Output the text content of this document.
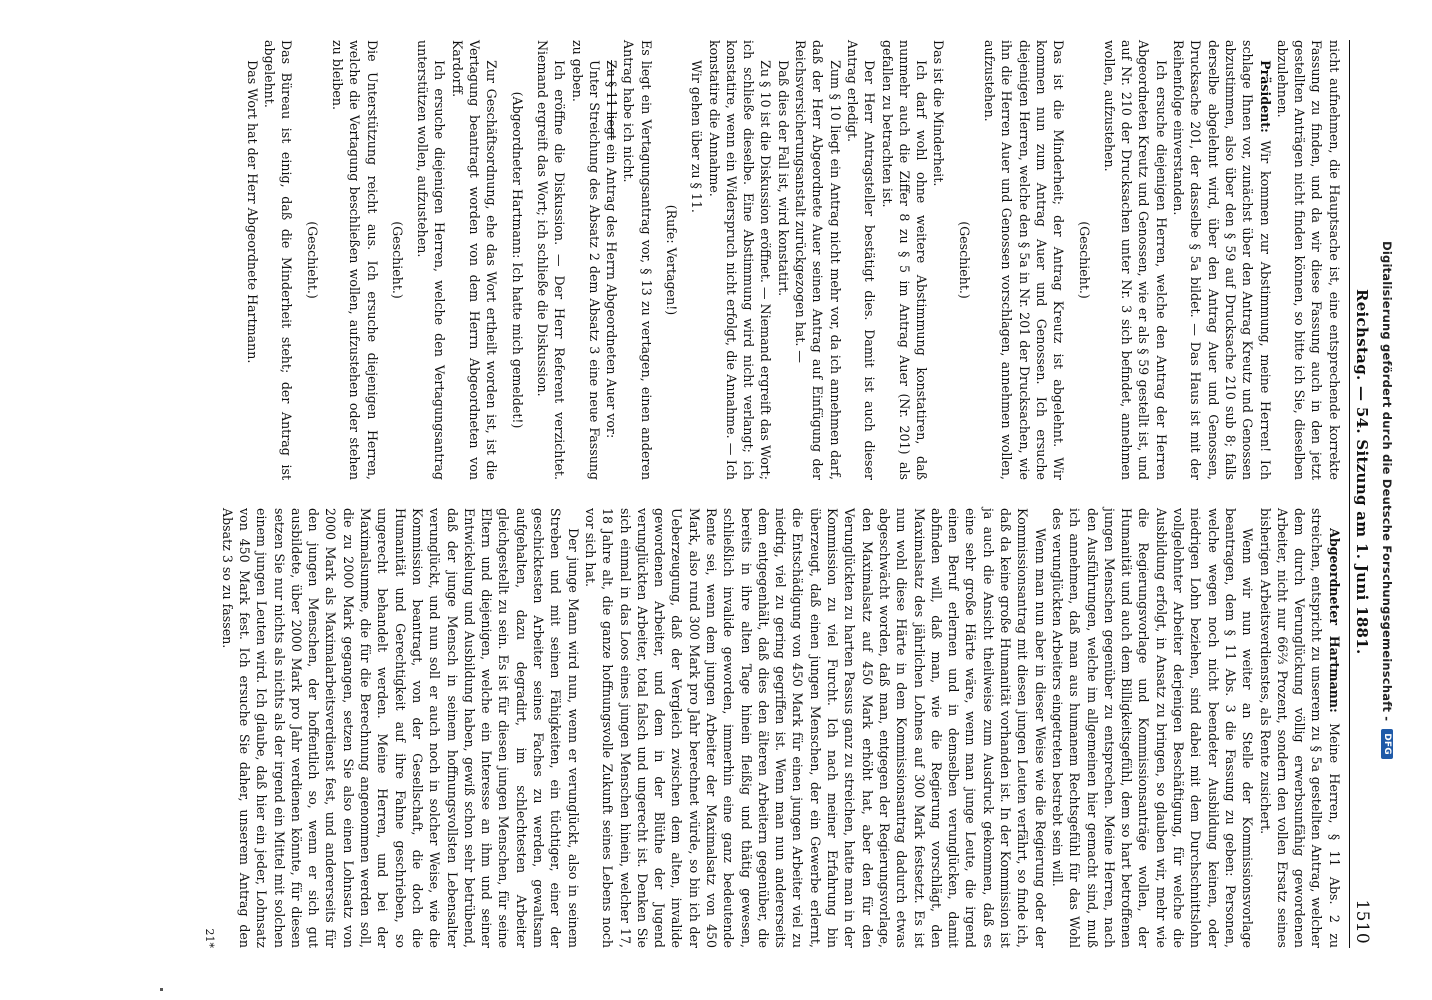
Reichstag. — 54. Sitzung am 1. Juni 1881.
1510

nicht aufnehmen, die Hauptsache ist, eine entsprechende korrekte Fassung zu finden, und da wir diese Fassung auch in den jetzt gestellten Anträgen nicht finden können, so bitte ich Sie, dieselben abzulehnen.

Präsident: Wir kommen zur Abstimmung, meine Herren! Ich schlage Ihnen vor, zunächst über den Antrag Kreutz und Genossen abzustimmen, also über den § 59 auf Drucksache 210 sub 8; falls derselbe abgelehnt wird, über den Antrag Auer und Genossen, Drucksache 201, der dasselbe § 5a bildet. — Das Haus ist mit der Reihenfolge einverstanden.

Ich ersuche diejenigen Herren, welche den Antrag der Herren Abgeordneten Kreutz und Genossen, wie er als § 59 gestellt ist, und auf Nr. 210 der Drucksachen unter Nr. 3 sich befindet, annehmen wollen, aufzustehen.

(Geschieht.)

Das ist die Minderheit; der Antrag Kreutz ist abgelehnt. Wir kommen nun zum Antrag Auer und Genossen. Ich ersuche diejenigen Herren, welche den § 5a in Nr. 201 der Drucksachen, wie ihn die Herren Auer und Genossen vorschlagen, annehmen wollen, aufzustehen.

(Geschieht.)

Das ist die Minderheit.

Ich darf wohl ohne weitere Abstimmung konstatiren, daß nunmehr auch die Ziffer 8 zu § 5 im Antrag Auer (Nr. 201) als gefallen zu betrachten ist.

Der Herr Antragsteller bestätigt dies. Damit ist auch dieser Antrag erledigt.

Zum § 10 liegt ein Antrag nicht mehr vor, da ich annehmen darf, daß der Herr Abgeordnete Auer seinen Antrag auf Einfügung der Reichsversicherungsanstalt zurückgezogen hat. —

Daß dies der Fall ist, wird konstatirt.

Zu § 10 ist die Diskussion eröffnet. — Niemand ergreift das Wort; ich schließe dieselbe. Eine Abstimmung wird nicht verlangt; ich konstatire, wenn ein Widerspruch nicht erfolgt, die Annahme. — Ich konstatire die Annahme.

Wir gehen über zu § 11.

(Rufe: Vertagen!)

Es liegt ein Vertagungsantrag vor, § 13 zu vertagen, einen anderen Antrag habe ich nicht.

Zu § 11 liegt ein Antrag des Herrn Abgeordneten Auer vor:

Unter Streichung des Absatz 2 dem Absatz 3 eine neue Fassung zu geben.

Ich eröffne die Diskussion. — Der Herr Referent verzichtet. Niemand ergreift das Wort; ich schließe die Diskussion.

(Abgeordneter Hartmann: Ich hatte mich gemeldet!)

Zur Geschäftsordnung, ehe das Wort ertheilt worden ist, ist die Vertagung beantragt worden von dem Herrn Abgeordneten von Kardorff.

Ich ersuche diejenigen Herren, welche den Vertagungsantrag unterstützen wollen, aufzustehen.

(Geschieht.)

Die Unterstützung reicht aus. Ich ersuche diejenigen Herren, welche die Vertagung beschließen wollen, aufzustehen oder stehen zu bleiben.

(Geschieht.)

Das Büreau ist einig, daß die Minderheit steht; der Antrag ist abgelehnt.

Das Wort hat der Herr Abgeordnete Hartmann.

Abgeordneter Hartmann: Meine Herren, § 11 Abs. 2 zu streichen, entspricht zu unserem zu § 5a gestellten Antrag, welcher dem durch Verunglückung völlig erwerbsunfähig gewordenen Arbeiter, nicht nur 66⅔ Prozent, sondern den vollen Ersatz seines bisherigen Arbeitsverdienstes, als Rente zusichert.

Wenn wir nun weiter an Stelle der Kommissionsvorlage beantragen, dem § 11 Abs. 3 die Fassung zu geben: Personen, welche wegen noch nicht beendeter Ausbildung keinen, oder niedrigen Lohn beziehen, sind dabei mit dem Durchschnittslohn vollgelohnter Arbeiter derjenigen Beschäftigung, für welche die Ausbildung erfolgt, in Ansatz zu bringen, so glauben wir, mehr wie die Regierungsvorlage und Kommissionsanträge wollen, der Humanität und auch dem Billigkeitsgefühl, dem so hart betroffenen jungen Menschen gegenüber zu entsprechen. Meine Herren, nach den Ausführungen, welche im allgemeinen hier gemacht sind, muß ich annehmen, daß man aus humanem Rechtsgefühl für das Wohl des verunglückten Arbeiters eingetreten bestrebt sein will.

Wenn man nun aber in dieser Weise wie die Regierung oder der Kommissionsantrag mit diesen jungen Leuten verfährt, so finde ich, daß da keine große Humanität vorhanden ist. In der Kommission ist ja auch die Ansicht theilweise zum Ausdruck gekommen, daß es eine sehr große Härte wäre, wenn man junge Leute, die irgend einen Beruf erlernen und in demselben verunglücken, damit abfinden will, daß man, wie die Regierung vorschlägt, den Maximalsatz des jährlichen Lohnes auf 300 Mark festsetzt. Es ist nun wohl diese Härte in dem Kommissionsantrag dadurch etwas abgeschwächt worden, daß man, entgegen der Regierungsvorlage, den Maximalsatz auf 450 Mark erhöht hat, aber den für den Verunglückten zu harten Passus ganz zu streichen, hatte man in der Kommission zu viel Furcht. Ich nach meiner Erfahrung bin überzeugt, daß einen jungen Menschen, der ein Gewerbe erlernt, die Entschädigung von 450 Mark für einen jungen Arbeiter viel zu niedrig, viel zu gering gegriffen ist. Wenn man nun andererseits dem entgegenhält, daß dies den älteren Arbeitern gegenüber, die bereits in ihre alten Tage hinein fleißig und thätig gewesen, schließlich invalide geworden, immerhin eine ganz bedeutende Rente sei, wenn dem jungen Arbeiter der Maximalsatz von 450 Mark, also rund 300 Mark pro Jahr berechnet würde, so bin ich der Ueberzeugung, daß der Vergleich zwischen dem alten, invalide gewordenen Arbeiter, und dem in der Blüthe der Jugend verunglückten Arbeiter, total falsch und ungerecht ist. Denken Sie sich einmal in das Loos eines jungen Menschen hinein, welcher 17, 18 Jahre alt, die ganze hoffnungsvolle Zukunft seines Lebens noch vor sich hat.

Der junge Mann wird nun, wenn er verunglückt, also in seinem Streben und mit seinen Fähigkeiten, ein tüchtiger, einer der geschicktesten Arbeiter seines Faches zu werden, gewaltsam aufgehalten, dazu degradirt, im schlechtesten Arbeiter gleichgestellt zu sein. Es ist für diesen jungen Menschen, für seine Eltern und diejenigen, welche ein Interesse an ihm und seiner Entwickelung und Ausbildung haben, gewiß schon sehr betrübend, daß der junge Mensch in seinem hoffnungsvollsten Lebensalter verunglückt, und nun soll er auch noch in solcher Weise, wie die Kommission beantragt, von der Gesellschaft, die doch die Humanität und Gerechtigkeit auf ihre Fahne geschrieben, so ungerecht behandelt werden. Meine Herren, und bei der Maximalsumme, die für die Berechnung angenommen werden soll, die zu 2000 Mark gegangen, setzen Sie also einen Lohnsatz von 2000 Mark als Maximalarbeitsverdienst fest, und andererseits für den jungen Menschen, der hoffentlich so, wenn er sich gut ausbildete, über 2000 Mark pro Jahr verdienen könnte, für diesen setzen Sie nur nichts als nichts als der irgend ein Mittel mit solchen einem jungen Leuten wird. Ich glaube, daß hier ein jeder, Lohnsatz von 450 Mark fest. Ich ersuche Sie daher, unserem Antrag den Absatz 3 so zu fassen.

21*

Digitalisierung gefördert durch die Deutsche Forschungsgemeinschaft -
DFG
